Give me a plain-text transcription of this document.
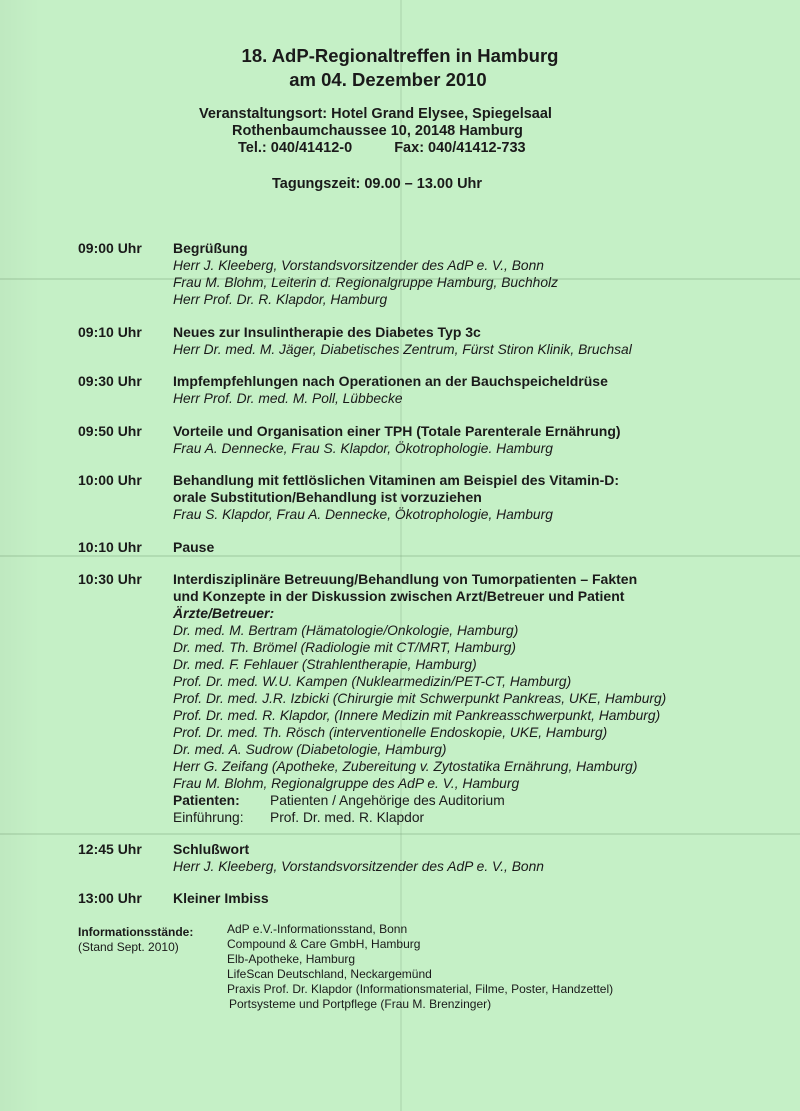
18. AdP-Regionaltreffen in Hamburg
am 04. Dezember 2010
Veranstaltungsort: Hotel Grand Elysee, Spiegelsaal
Rothenbaumchaussee 10, 20148 Hamburg
Tel.: 040/41412-0	Fax: 040/41412-733
Tagungszeit: 09.00 – 13.00 Uhr
09:00 Uhr Begrüßung
Herr J. Kleeberg, Vorstandsvorsitzender des AdP e. V., Bonn
Frau M. Blohm, Leiterin d. Regionalgruppe Hamburg, Buchholz
Herr Prof. Dr. R. Klapdor, Hamburg
09:10 Uhr Neues zur Insulintherapie des Diabetes Typ 3c
Herr Dr. med. M. Jäger, Diabetisches Zentrum, Fürst Stiron Klinik, Bruchsal
09:30 Uhr Impfempfehlungen nach Operationen an der Bauchspeicheldrüse
Herr Prof. Dr. med. M. Poll, Lübbecke
09:50 Uhr Vorteile und Organisation einer TPH (Totale Parenterale Ernährung)
Frau A. Dennecke, Frau S. Klapdor, Ökotrophologie. Hamburg
10:00 Uhr Behandlung mit fettlöslichen Vitaminen am Beispiel des Vitamin-D:
orale Substitution/Behandlung ist vorzuziehen
Frau S. Klapdor, Frau A. Dennecke, Ökotrophologie, Hamburg
10:10 Uhr Pause
10:30 Uhr Interdisziplinäre Betreuung/Behandlung von Tumorpatienten – Fakten
und Konzepte in der Diskussion zwischen Arzt/Betreuer und Patient
Ärzte/Betreuer:
Dr. med. M. Bertram (Hämatologie/Onkologie, Hamburg)
Dr. med. Th. Brömel (Radiologie mit CT/MRT, Hamburg)
Dr. med. F. Fehlauer (Strahlentherapie, Hamburg)
Prof. Dr. med. W.U. Kampen (Nuklearmedizin/PET-CT, Hamburg)
Prof. Dr. med. J.R. Izbicki (Chirurgie mit Schwerpunkt Pankreas, UKE, Hamburg)
Prof. Dr. med. R. Klapdor, (Innere Medizin mit Pankreasschwerpunkt, Hamburg)
Prof. Dr. med. Th. Rösch (interventionelle Endoskopie, UKE, Hamburg)
Dr. med. A. Sudrow (Diabetologie, Hamburg)
Herr G. Zeifang (Apotheke, Zubereitung v. Zytostatika Ernährung, Hamburg)
Frau M. Blohm, Regionalgruppe des AdP e. V., Hamburg
Patienten: Patienten / Angehörige des Auditorium
Einführung: Prof. Dr. med. R. Klapdor
12:45 Uhr Schlußwort
Herr J. Kleeberg, Vorstandsvorsitzender des AdP e. V., Bonn
13:00 Uhr Kleiner Imbiss
Informationsstände:
(Stand Sept. 2010)
AdP e.V.-Informationsstand, Bonn
Compound & Care GmbH, Hamburg
Elb-Apotheke, Hamburg
LifeScan Deutschland, Neckargemünd
Praxis Prof. Dr. Klapdor (Informationsmaterial, Filme, Poster, Handzettel)
Portsysteme und Portpflege (Frau M. Brenzinger)
